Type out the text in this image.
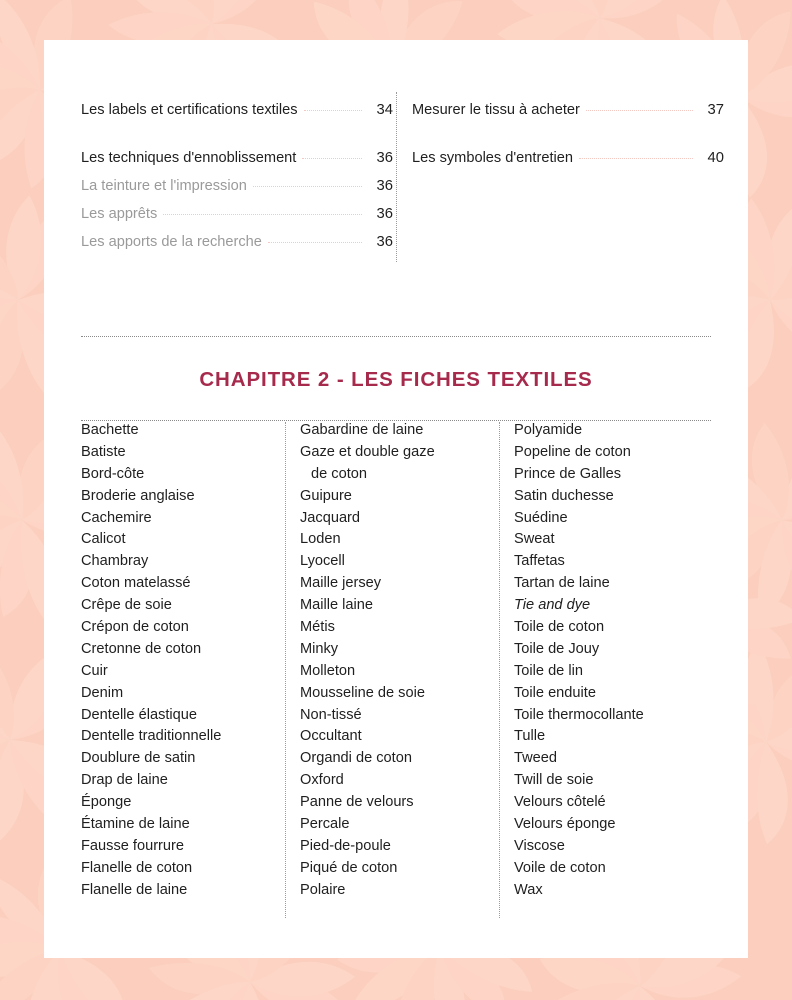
Les labels et certifications textiles	34
Les techniques d'ennoblissement	36
La teinture et l'impression	36
Les apprêts	36
Les apports de la recherche	36
Mesurer le tissu à acheter	37
Les symboles d'entretien	40
CHAPITRE 2 - LES FICHES TEXTILES
Bachette
Batiste
Bord-côte
Broderie anglaise
Cachemire
Calicot
Chambray
Coton matelassé
Crêpe de soie
Crépon de coton
Cretonne de coton
Cuir
Denim
Dentelle élastique
Dentelle traditionnelle
Doublure de satin
Drap de laine
Éponge
Étamine de laine
Fausse fourrure
Flanelle de coton
Flanelle de laine
Gabardine de laine
Gaze et double gaze
de coton
Guipure
Jacquard
Loden
Lyocell
Maille jersey
Maille laine
Métis
Minky
Molleton
Mousseline de soie
Non-tissé
Occultant
Organdi de coton
Oxford
Panne de velours
Percale
Pied-de-poule
Piqué de coton
Polaire
Polyamide
Popeline de coton
Prince de Galles
Satin duchesse
Suédine
Sweat
Taffetas
Tartan de laine
Tie and dye
Toile de coton
Toile de Jouy
Toile de lin
Toile enduite
Toile thermocollante
Tulle
Tweed
Twill de soie
Velours côtelé
Velours éponge
Viscose
Voile de coton
Wax
